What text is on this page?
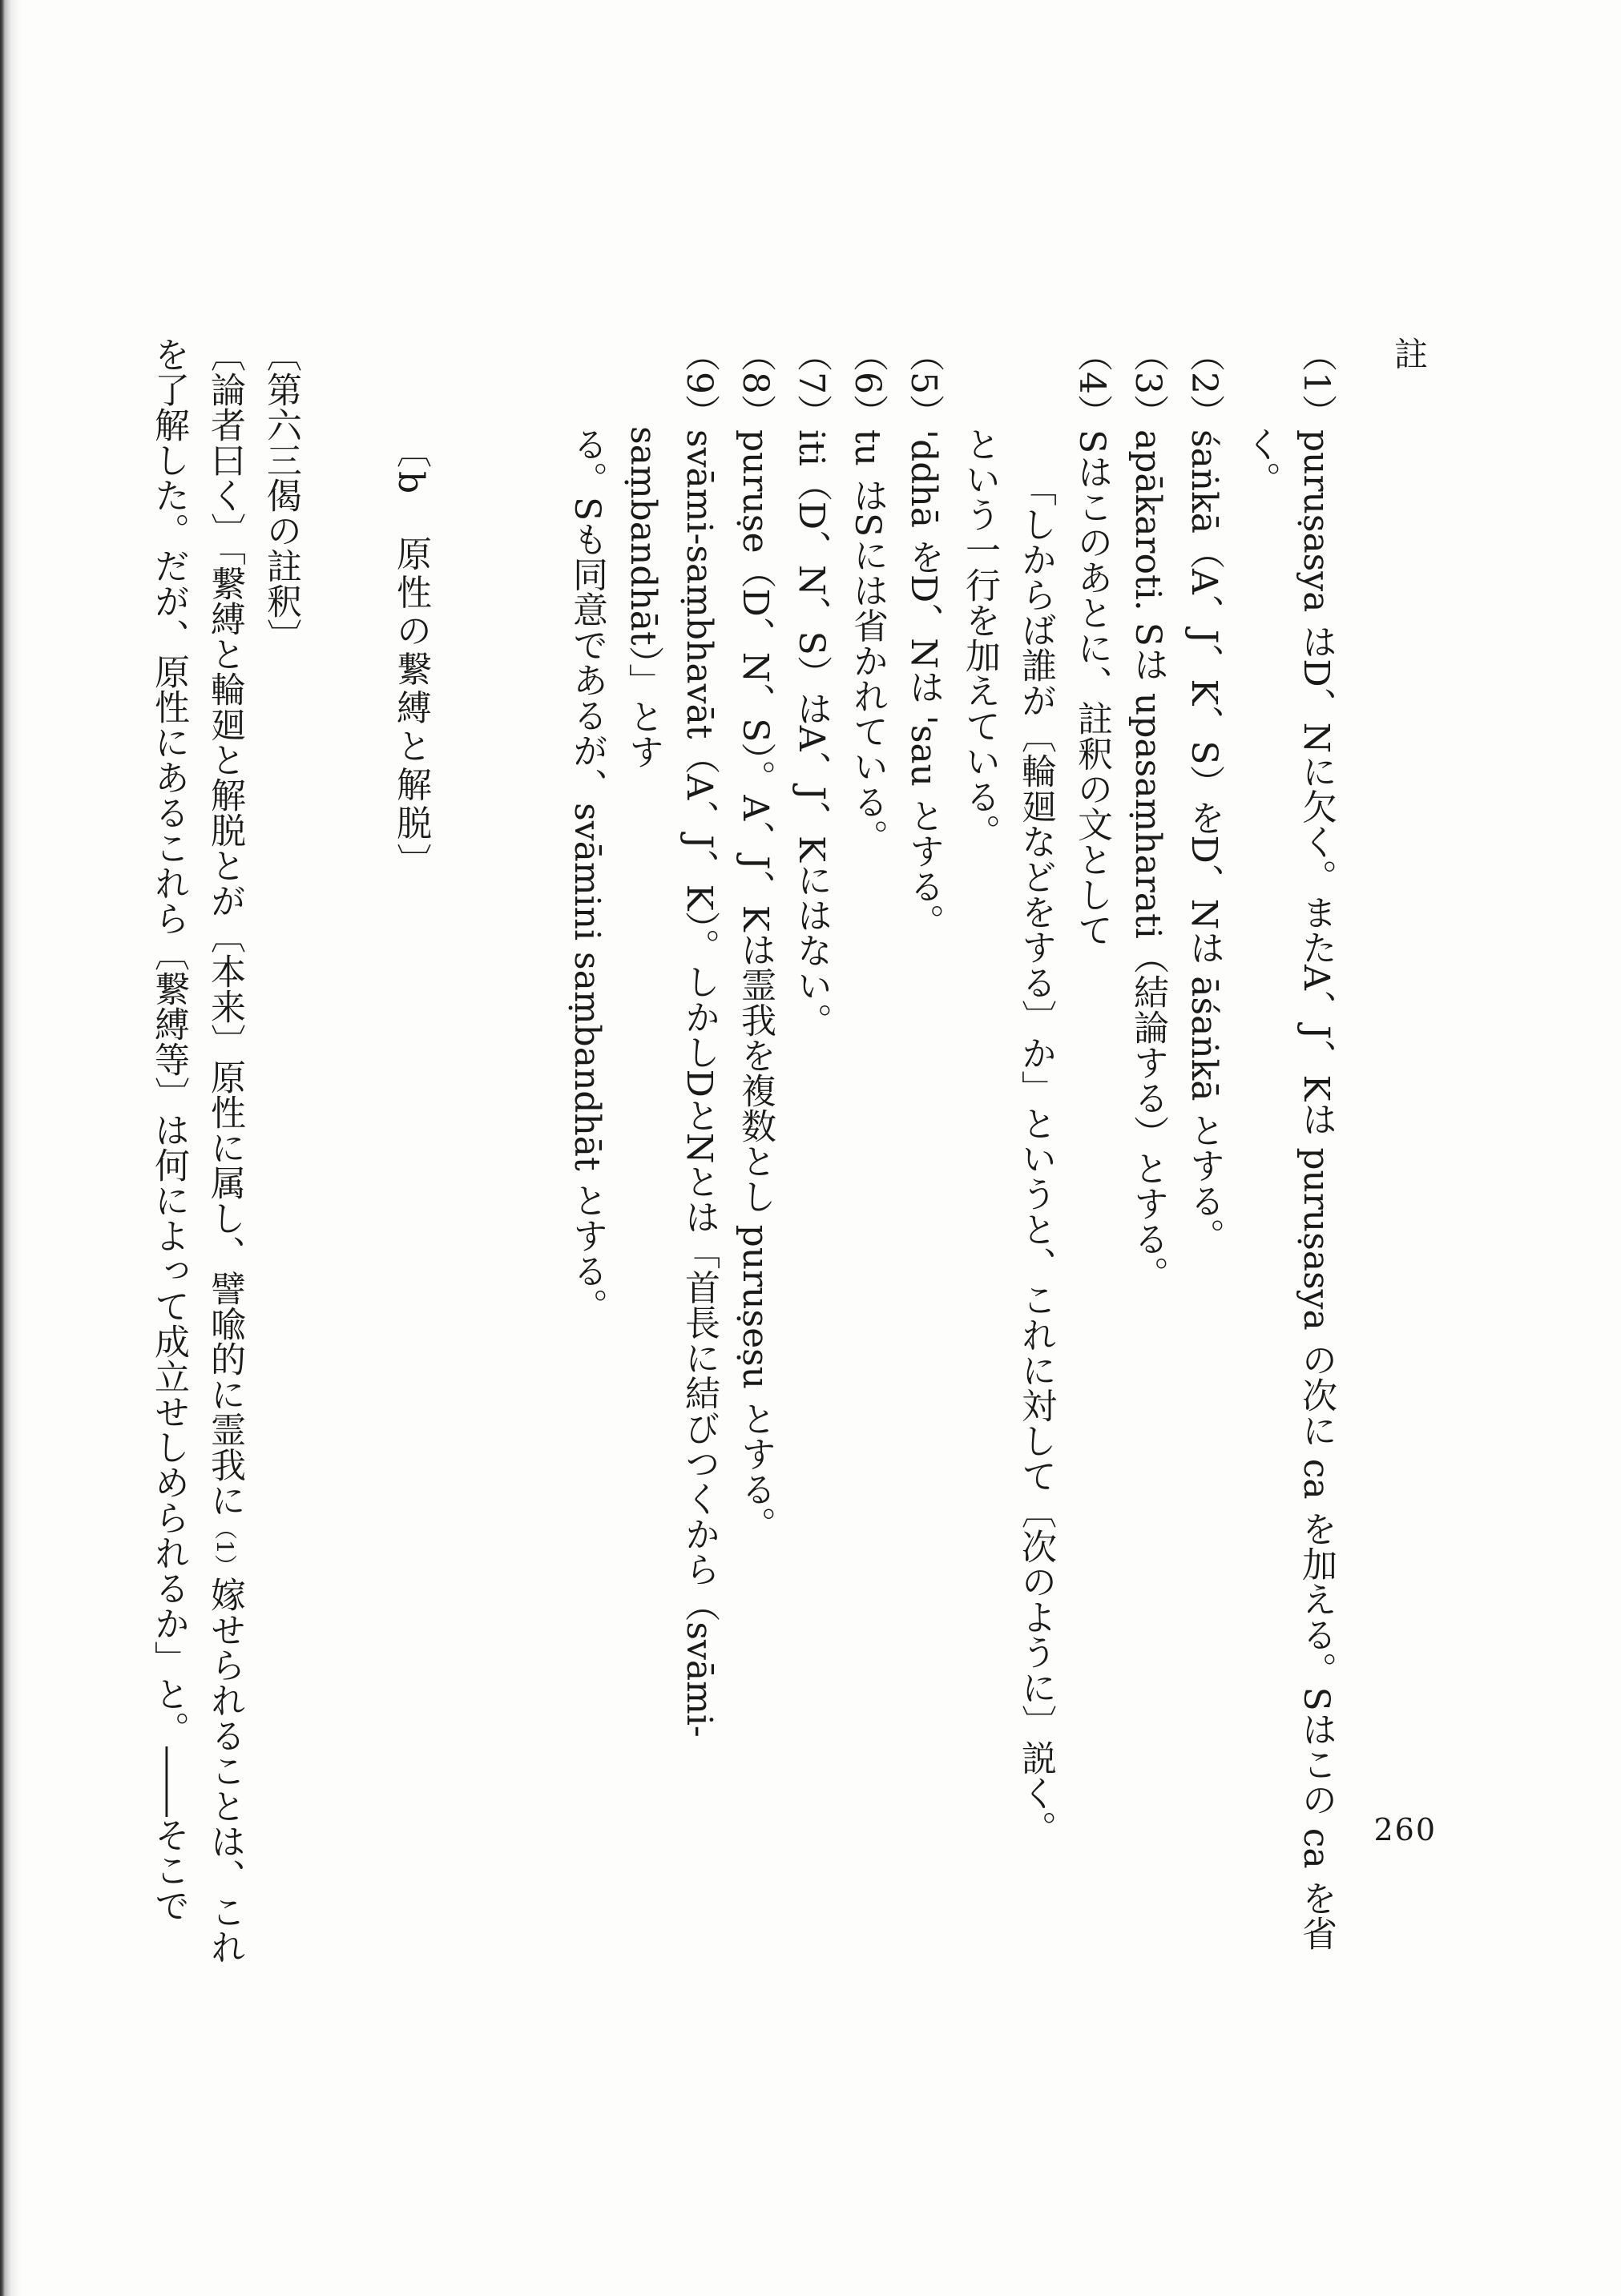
註
（1）puruṣasya はD、Nに欠く。またA、J、Kは puruṣasya の次に ca を加える。Sはこの ca を省く。
（2）śaṅkā（A、J、K、S）をD、Nは āśaṅkā とする。
（3）apākaroti. Sは upasaṃharati（結論する）とする。
（4）Sはこのあとに、註釈の文として
「しからば誰が〔輪廻などをする〕か」というと、これに対して〔次のように〕説く。
という一行を加えている。
（5）'ddhā をD、Nは 'sau とする。
（6）tu はSには省かれている。
（7）iti（D、N、S）はA、J、Kにはない。
（8）puruṣe（D、N、S）。A、J、Kは霊我を複数とし puruṣeṣu とする。
（9）svāmi-saṃbhavāt（A、J、K）。しかしDとNとは「首長に結びつくから（svāmi-saṃbandhāt）」とす
る。Sも同意であるが、svāmini saṃbandhāt とする。
〔b　原性の繋縛と解脱〕
〔第六三偈の註釈〕
〔論者曰く〕「繋縛と輪廻と解脱とが〔本来〕原性に属し、譬喩的に霊我に（1）嫁せられることは、これ
を了解した。だが、原性にあるこれら〔繋縛等〕は何によって成立せしめられるか」と。――そこで	260
